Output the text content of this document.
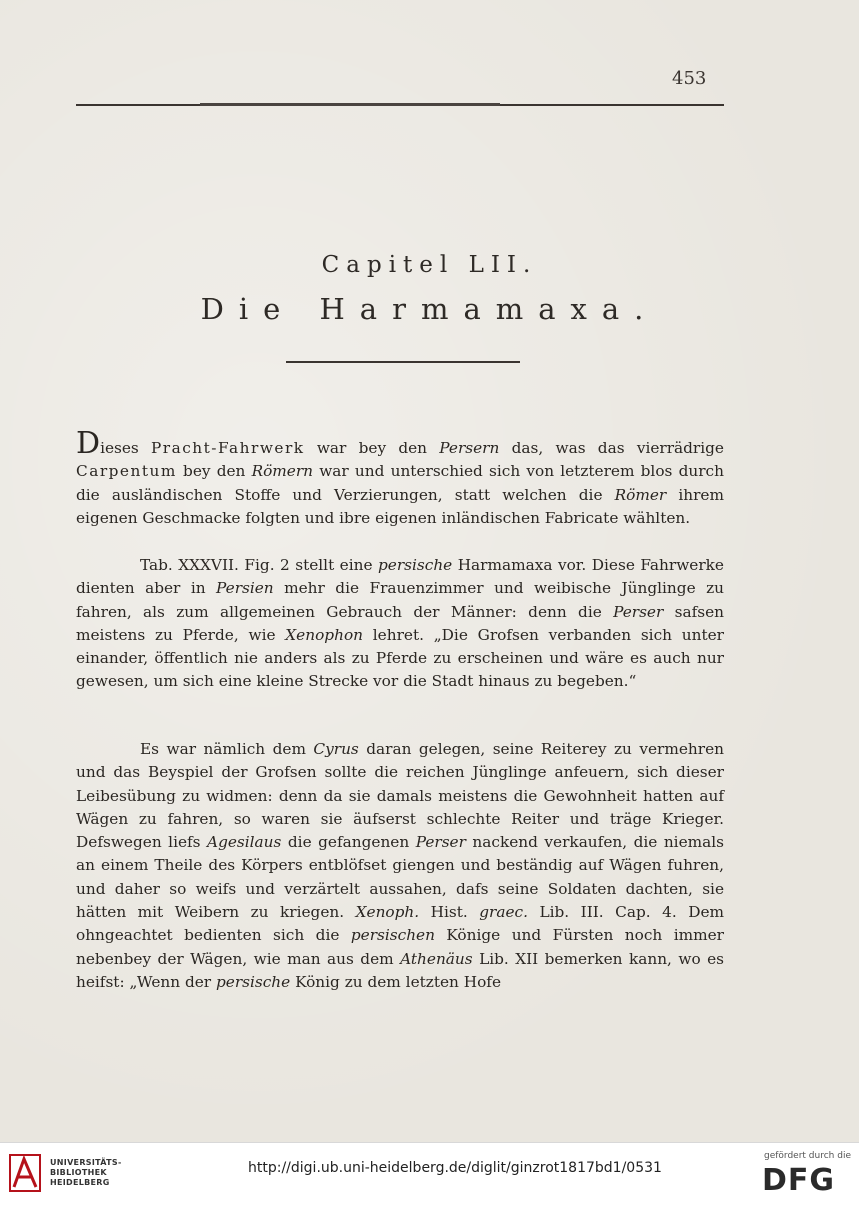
453
Capitel LII.
Die Harmamaxa.

Dieses Pracht-Fahrwerk war bey den Persern das, was das vierrädrige Carpentum bey den Römern war und unterschied sich von letzterem blos durch die ausländischen Stoffe und Verzierungen, statt welchen die Römer ihrem eigenen Geschmacke folgten und ibre eigenen inländischen Fabricate wählten.

Tab. XXXVII. Fig. 2 stellt eine persische Harmamaxa vor. Diese Fahrwerke dienten aber in Persien mehr die Frauenzimmer und weibische Jünglinge zu fahren, als zum allgemeinen Gebrauch der Männer: denn die Perser safsen meistens zu Pferde, wie Xenophon lehret. „Die Grofsen verbanden sich unter einander, öffentlich nie anders als zu Pferde zu erscheinen und wäre es auch nur gewesen, um sich eine kleine Strecke vor die Stadt hinaus zu begeben.“

Es war nämlich dem Cyrus daran gelegen, seine Reiterey zu vermehren und das Beyspiel der Grofsen sollte die reichen Jünglinge anfeuern, sich dieser Leibesübung zu widmen: denn da sie damals meistens die Gewohnheit hatten auf Wägen zu fahren, so waren sie äufserst schlechte Reiter und träge Krieger. Defswegen liefs Agesilaus die gefangenen Perser nackend verkaufen, die niemals an einem Theile des Körpers entblöfset giengen und beständig auf Wägen fuhren, und daher so weifs und verzärtelt aussahen, dafs seine Soldaten dachten, sie hätten mit Weibern zu kriegen. Xenoph. Hist. graec. Lib. III. Cap. 4. Dem ohngeachtet bedienten sich die persischen Könige und Fürsten noch immer nebenbey der Wägen, wie man aus dem Athenäus Lib. XII bemerken kann, wo es heifst: „Wenn der persische König zu dem letzten Hofe

UNIVERSITÄTS-
BIBLIOTHEK
HEIDELBERG
http://digi.ub.uni-heidelberg.de/diglit/ginzrot1817bd1/0531
gefördert durch die
DFG
